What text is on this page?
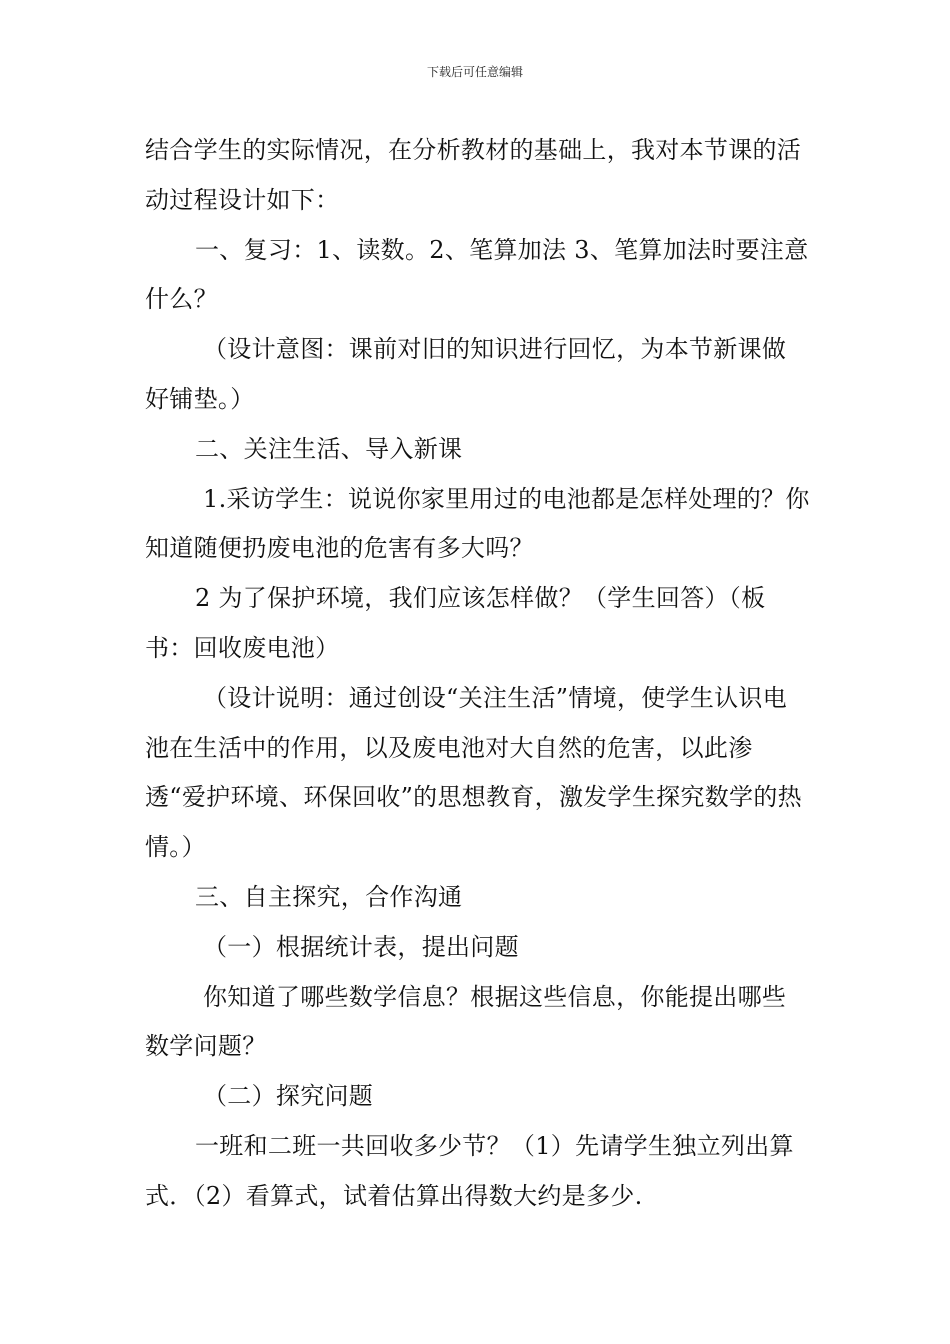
下载后可任意编辑

结合学生的实际情况，在分析教材的基础上，我对本节课的活动过程设计如下：

一、复习：1、读数。2、笔算加法 3、笔算加法时要注意什么？

（设计意图：课前对旧的知识进行回忆，为本节新课做好铺垫。）

二、关注生活、导入新课

1.采访学生：说说你家里用过的电池都是怎样处理的？你知道随便扔废电池的危害有多大吗？

2 为了保护环境，我们应该怎样做？（学生回答）（板书：回收废电池）

（设计说明：通过创设“关注生活”情境，使学生认识电池在生活中的作用，以及废电池对大自然的危害，以此渗透“爱护环境、环保回收”的思想教育，激发学生探究数学的热情。）

三、自主探究，合作沟通

（一）根据统计表，提出问题

你知道了哪些数学信息？根据这些信息，你能提出哪些数学问题？

（二）探究问题

一班和二班一共回收多少节？（1）先请学生独立列出算式．（2）看算式，试着估算出得数大约是多少.
